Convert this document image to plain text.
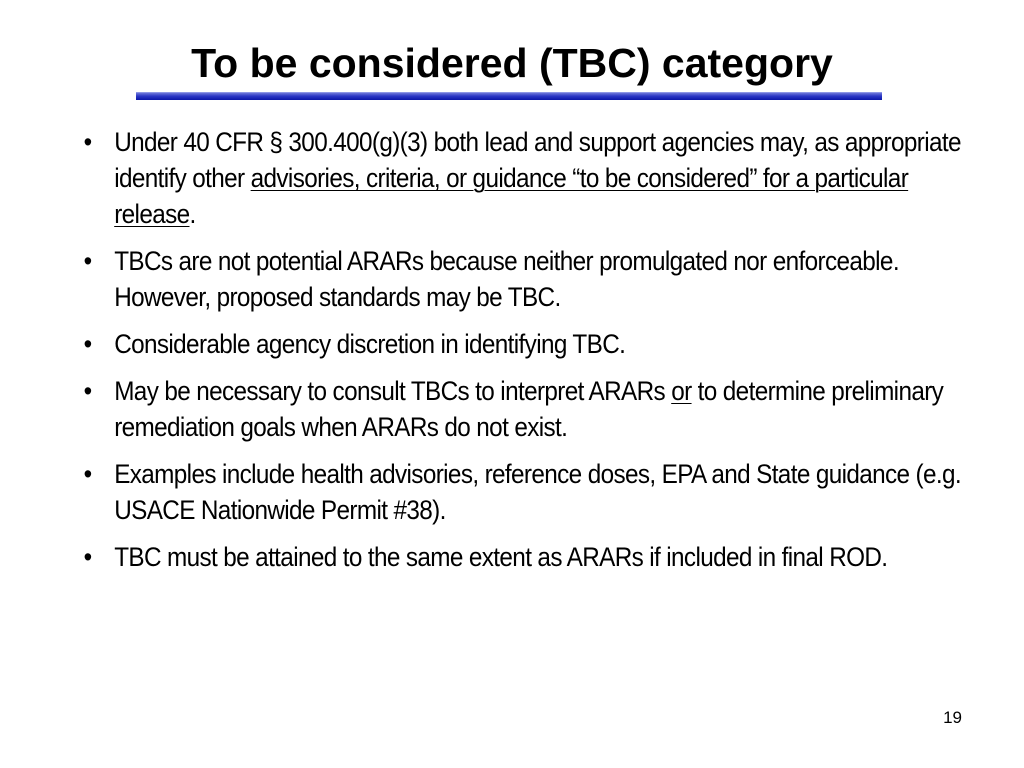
To be considered (TBC) category
• Under 40 CFR § 300.400(g)(3) both lead and support agencies may, as appropriate identify other advisories, criteria, or guidance “to be considered” for a particular release.
• TBCs are not potential ARARs because neither promulgated nor enforceable. However, proposed standards may be TBC.
• Considerable agency discretion in identifying TBC.
• May be necessary to consult TBCs to interpret ARARs or to determine preliminary remediation goals when ARARs do not exist.
• Examples include health advisories, reference doses, EPA and State guidance (e.g. USACE Nationwide Permit #38).
• TBC must be attained to the same extent as ARARs if included in final ROD.
19
